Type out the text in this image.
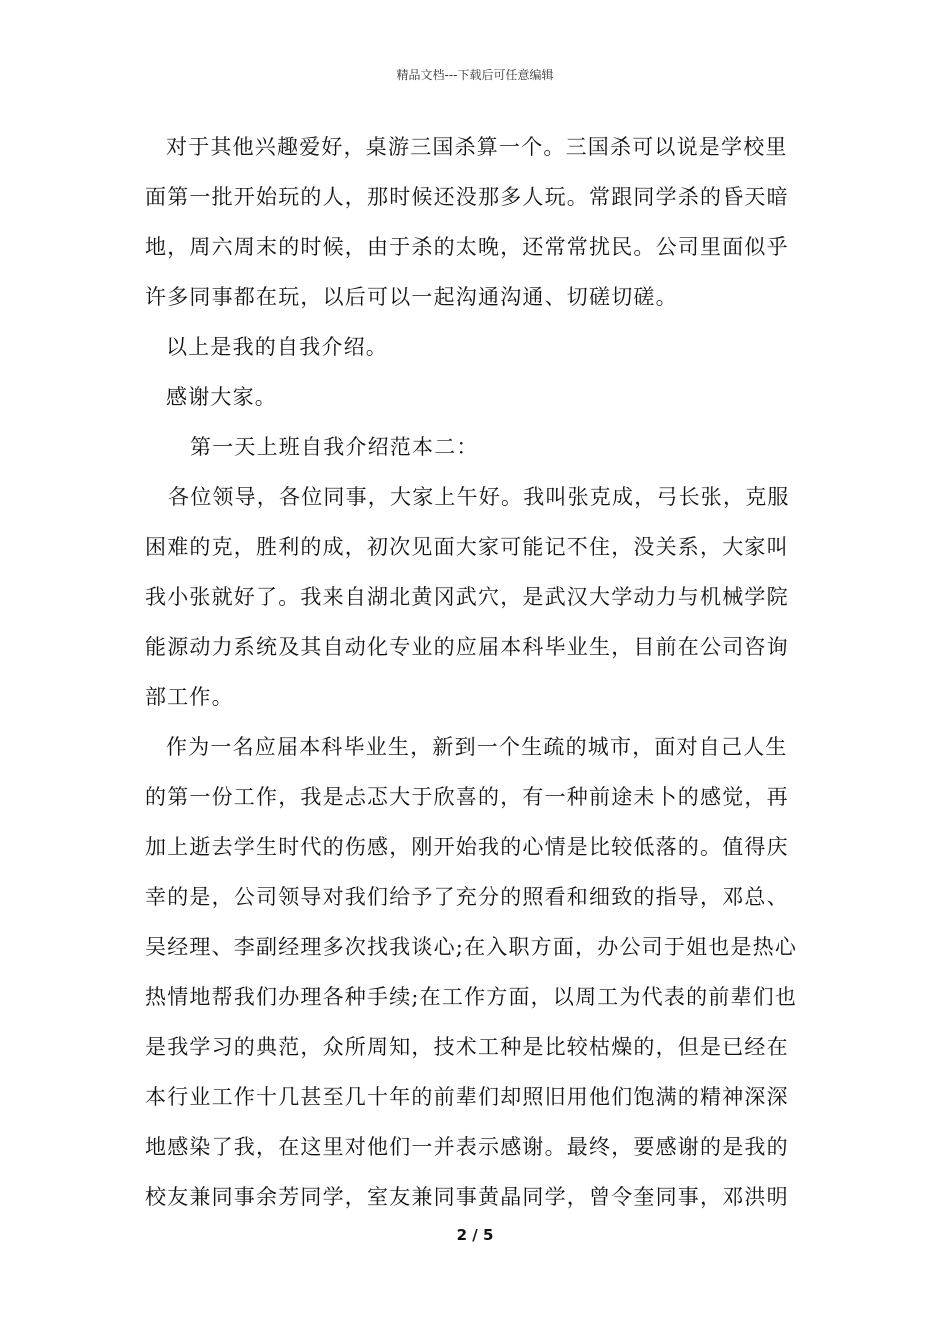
精品文档---下载后可任意编辑
对于其他兴趣爱好，桌游三国杀算一个。三国杀可以说是学校里
面第一批开始玩的人，那时候还没那多人玩。常跟同学杀的昏天暗
地，周六周末的时候，由于杀的太晚，还常常扰民。公司里面似乎
许多同事都在玩，以后可以一起沟通沟通、切磋切磋。
以上是我的自我介绍。
感谢大家。
第一天上班自我介绍范本二：
各位领导，各位同事，大家上午好。我叫张克成，弓长张，克服
困难的克，胜利的成，初次见面大家可能记不住，没关系，大家叫
我小张就好了。我来自湖北黄冈武穴，是武汉大学动力与机械学院
能源动力系统及其自动化专业的应届本科毕业生，目前在公司咨询
部工作。
作为一名应届本科毕业生，新到一个生疏的城市，面对自己人生
的第一份工作，我是忐忑大于欣喜的，有一种前途未卜的感觉，再
加上逝去学生时代的伤感，刚开始我的心情是比较低落的。值得庆
幸的是，公司领导对我们给予了充分的照看和细致的指导，邓总、
吴经理、李副经理多次找我谈心;在入职方面，办公司于姐也是热心
热情地帮我们办理各种手续;在工作方面，以周工为代表的前辈们也
是我学习的典范，众所周知，技术工种是比较枯燥的，但是已经在
本行业工作十几甚至几十年的前辈们却照旧用他们饱满的精神深深
地感染了我，在这里对他们一并表示感谢。最终，要感谢的是我的
校友兼同事余芳同学，室友兼同事黄晶同学，曾令奎同事，邓洪明
2 / 5
